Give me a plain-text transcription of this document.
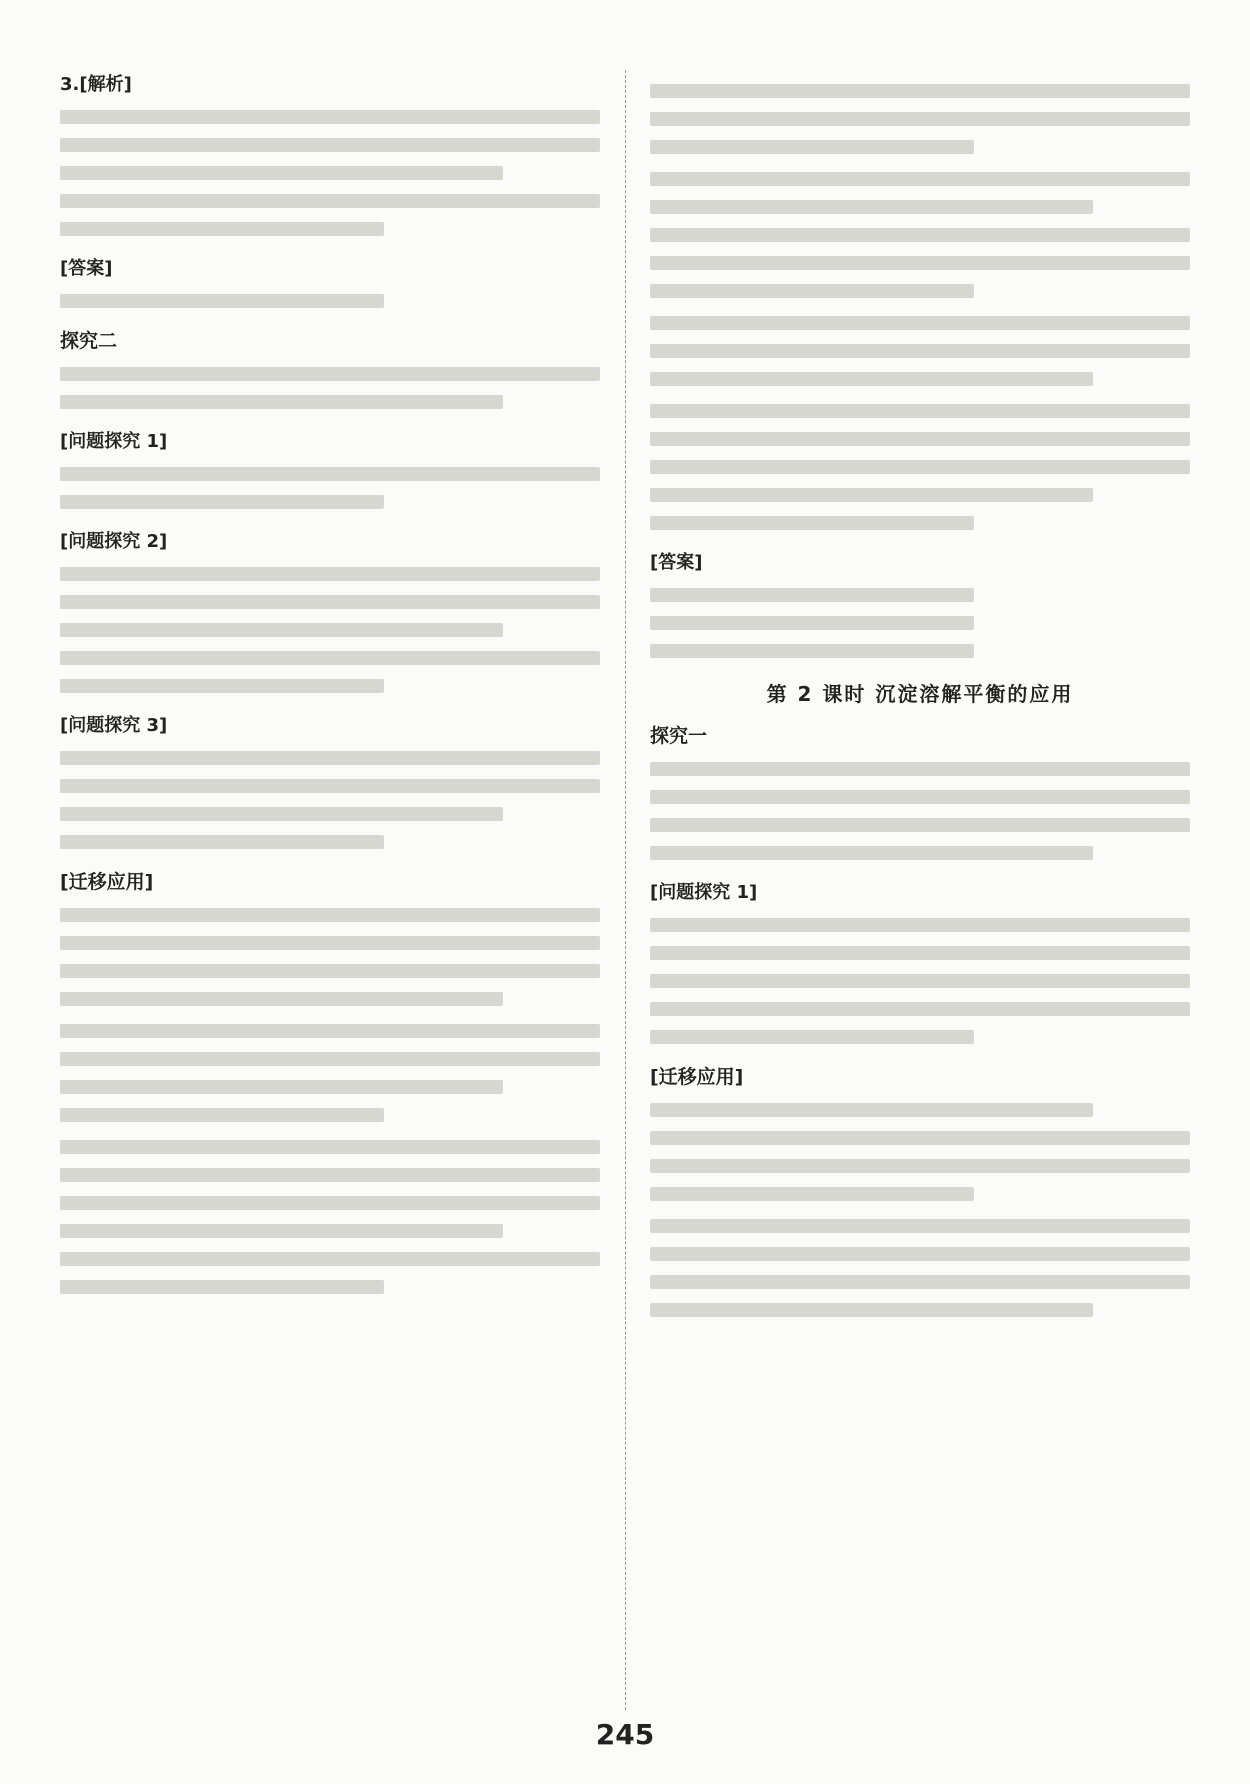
3.[解析]
[答案]
探究二
[问题探究 1]
[问题探究 2]
[问题探究 3]
[迁移应用]
[答案]
第 2 课时 沉淀溶解平衡的应用
探究一
[问题探究 1]
[迁移应用]
245
